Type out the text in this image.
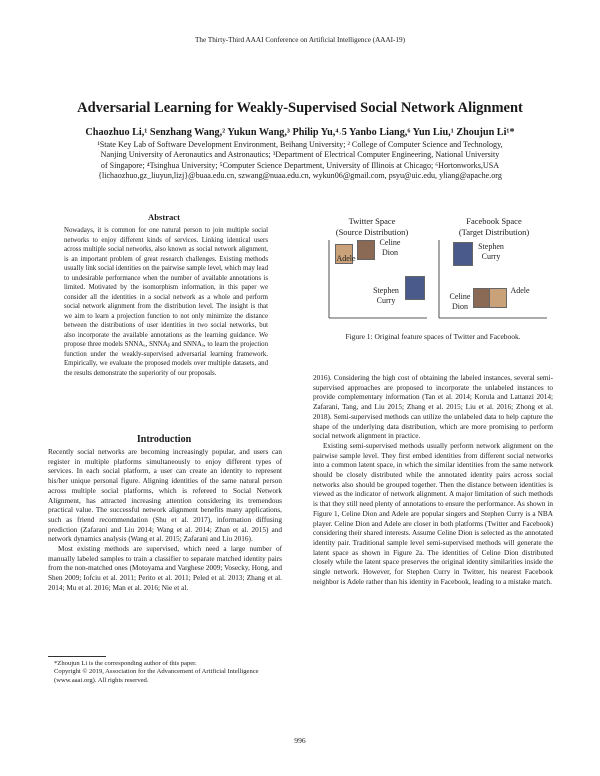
The Thirty-Third AAAI Conference on Artificial Intelligence (AAAI-19)
Adversarial Learning for Weakly-Supervised Social Network Alignment
Chaozhuo Li,¹ Senzhang Wang,² Yukun Wang,³ Philip Yu,⁴˒5 Yanbo Liang,⁶ Yun Liu,¹ Zhoujun Li¹*
¹State Key Lab of Software Development Environment, Beihang University; ² College of Computer Science and Technology,
Nanjing University of Aeronautics and Astronautics; ³Department of Electrical Computer Engineering, National University
of Singapore; ⁴Tsinghua University; ⁵Computer Science Department, University of Illinois at Chicago; ⁶Hortonworks,USA
{lichaozhuo,gz_liuyun,lizj}@buaa.edu.cn, szwang@nuaa.edu.cn, wykun06@gmail.com, psyu@uic.edu, yliang@apache.org
Abstract
Nowadays, it is common for one natural person to join multiple social networks to enjoy different kinds of services. Linking identical users across multiple social networks, also known as social network alignment, is an important problem of great research challenges. Existing methods usually link social identities on the pairwise sample level, which may lead to undesirable performance when the number of available annotations is limited. Motivated by the isomorphism information, in this paper we consider all the identities in a social network as a whole and perform social network alignment from the distribution level. The insight is that we aim to learn a projection function to not only minimize the distance between the distributions of user identities in two social networks, but also incorporate the available annotations as the learning guidance. We propose three models SNNAᵤ, SNNAᵦ and SNNAₒ, to learn the projection function under the weakly-supervised adversarial learning framework. Empirically, we evaluate the proposed models over multiple datasets, and the results demonstrate the superiority of our proposals.
Introduction

Recently social networks are becoming increasingly popular, and users can register in multiple platforms simultaneously to enjoy different types of services. In each social platform, a user can create an identity to represent his/her unique personal figure. Aligning identities of the same natural person across multiple social platforms, which is refereed to Social Network Alignment, has attracted increasing attention considering its tremendous practical value. The successful network alignment benefits many applications, such as friend recommendation (Shu et al. 2017), information diffusing prediction (Zafarani and Liu 2014; Wang et al. 2014; Zhan et al. 2015) and network dynamics analysis (Wang et al. 2015; Zafarani and Liu 2016).

Most existing methods are supervised, which need a large number of manually labeled samples to train a classifier to separate matched identity pairs from the non-matched ones (Motoyama and Varghese 2009; Vosecky, Hong, and Shen 2009; Iofciu et al. 2011; Perito et al. 2011; Peled et al. 2013; Zhang et al. 2014; Mu et al. 2016; Man et al. 2016; Nie et al.

*Zhoujun Li is the corresponding author of this paper.
Copyright © 2019, Association for the Advancement of Artificial Intelligence (www.aaai.org). All rights reserved.
Twitter Space
(Source Distribution)
Facebook Space
(Target Distribution)
Adele
Celine
Dion
Stephen
Curry
Stephen
Curry
Celine
Dion
Adele
Figure 1: Original feature spaces of Twitter and Facebook.

2016). Considering the high cost of obtaining the labeled instances, several semi-supervised approaches are proposed to incorporate the unlabeled instances to provide complementary information (Tan et al. 2014; Korula and Lattanzi 2014; Zafarani, Tang, and Liu 2015; Zhang et al. 2015; Liu et al. 2016; Zhong et al. 2018). Semi-supervised methods can utilize the unlabeled data to help capture the shape of the underlying data distribution, which are more promising to perform social network alignment in practice.

Existing semi-supervised methods usually perform network alignment on the pairwise sample level. They first embed identities from different social networks into a common latent space, in which the similar identities from the same network should be closely distributed while the annotated identity pairs across social networks also should be grouped together. Then the distance between identities is viewed as the indicator of network alignment. A major limitation of such methods is that they still need plenty of annotations to ensure the performance. As shown in Figure 1, Celine Dion and Adele are popular singers and Stephen Curry is a NBA player. Celine Dion and Adele are closer in both platforms (Twitter and Facebook) considering their shared interests. Assume Celine Dion is selected as the annotated identity pair. Traditional sample level semi-supervised methods will generate the latent space as shown in Figure 2a. The identities of Celine Dion distributed closely while the latent space preserves the original identity similarities inside the single network. However, for Stephen Curry in Twitter, his nearest Facebook neighbor is Adele rather than his identity in Facebook, leading to a mistake match.

996
